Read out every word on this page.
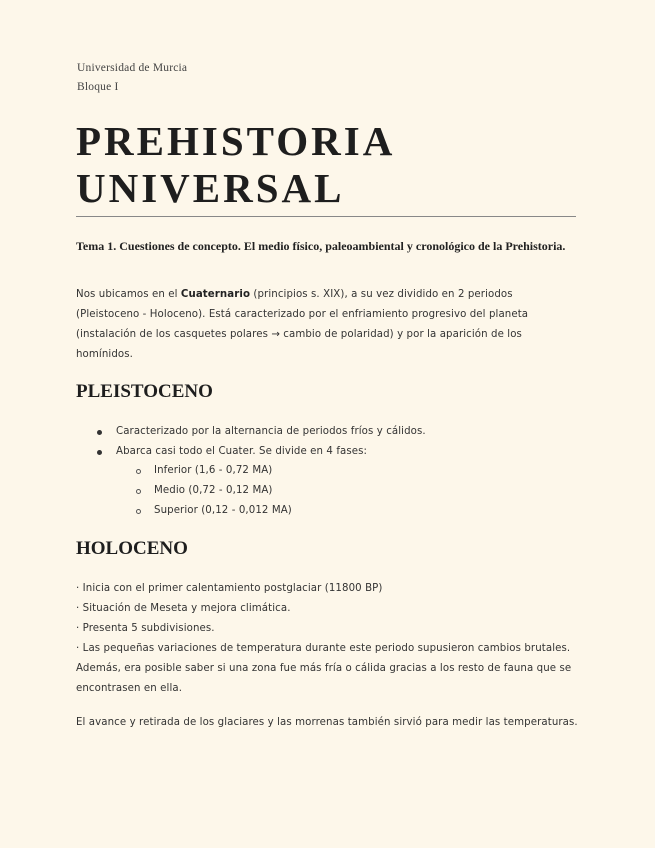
Universidad de Murcia
Bloque I
PREHISTORIA
UNIVERSAL

Tema 1. Cuestiones de concepto. El medio físico, paleoambiental y cronológico de la Prehistoria.

Nos ubicamos en el Cuaternario (principios s. XIX), a su vez dividido en 2 periodos
(Pleistoceno - Holoceno). Está caracterizado por el enfriamiento progresivo del planeta
(instalación de los casquetes polares → cambio de polaridad) y por la aparición de los
homínidos.
PLEISTOCENO
Caracterizado por la alternancia de periodos fríos y cálidos.
Abarca casi todo el Cuater. Se divide en 4 fases:
Inferior (1,6 - 0,72 MA)
Medio (0,72 - 0,12 MA)
Superior (0,12 - 0,012 MA)
HOLOCENO
· Inicia con el primer calentamiento postglaciar (11800 BP)
· Situación de Meseta y mejora climática.
· Presenta 5 subdivisiones.
· Las pequeñas variaciones de temperatura durante este periodo supusieron cambios brutales.
Además, era posible saber si una zona fue más fría o cálida gracias a los resto de fauna que se
encontrasen en ella.
El avance y retirada de los glaciares y las morrenas también sirvió para medir las temperaturas.
